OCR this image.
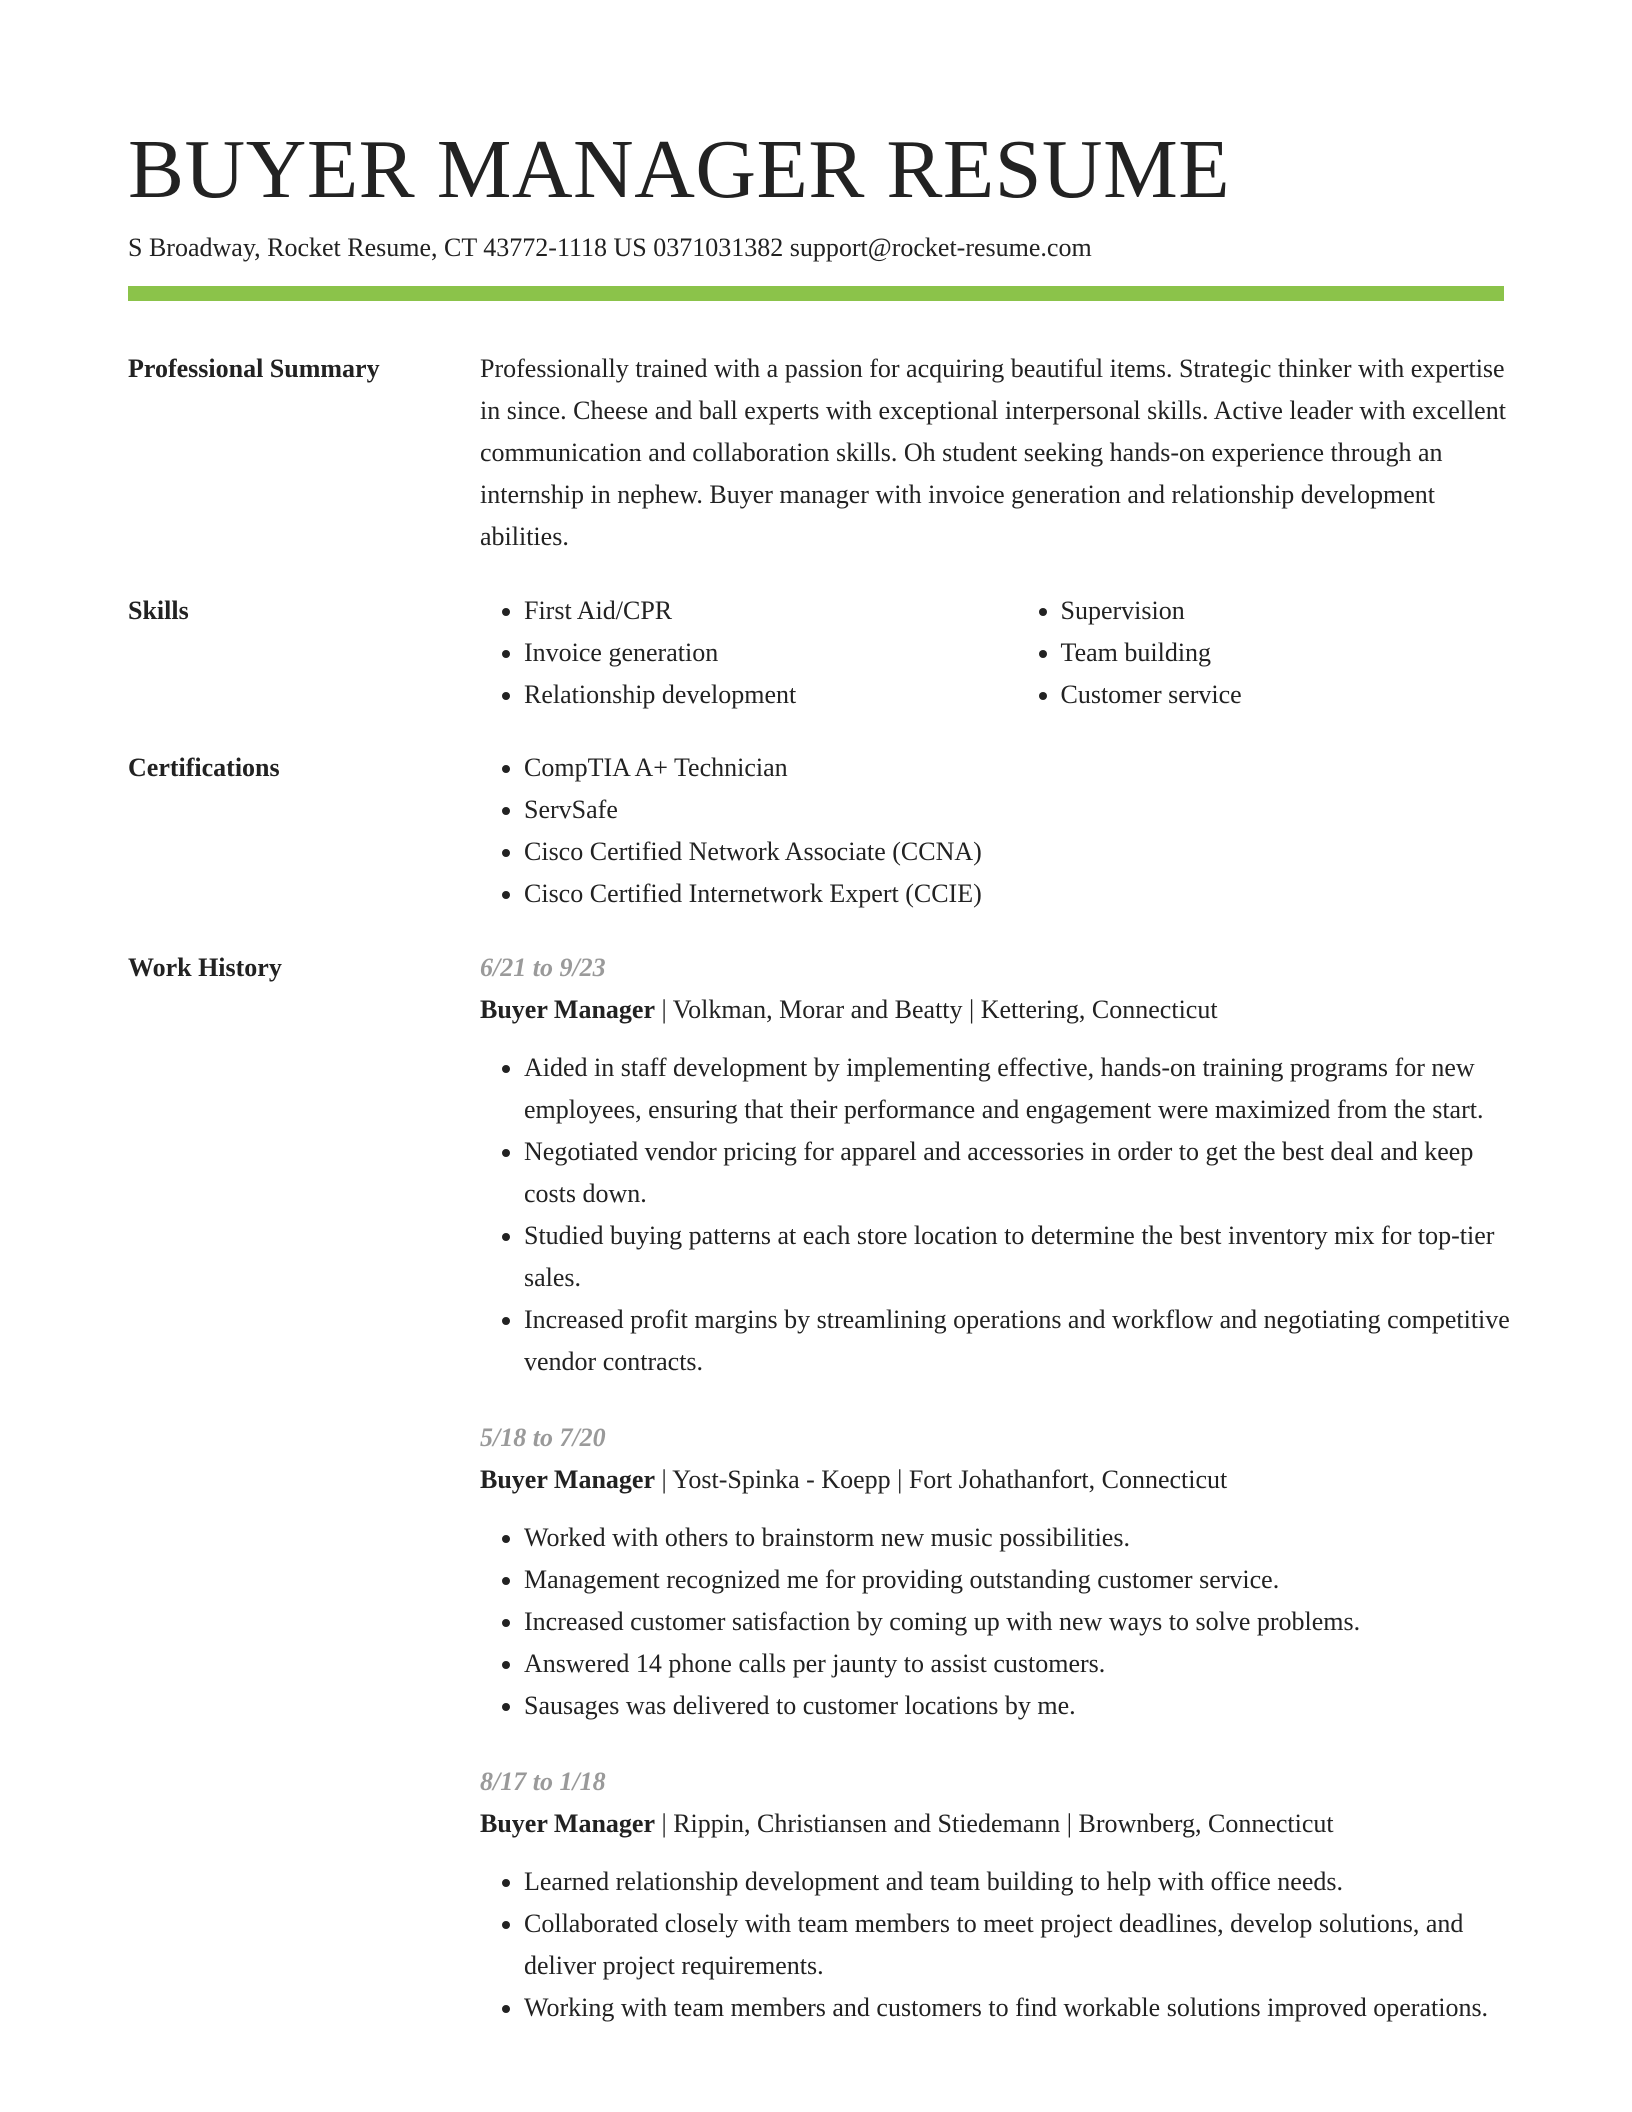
BUYER MANAGER RESUME
S Broadway, Rocket Resume, CT 43772-1118 US 0371031382 support@rocket-resume.com
Professional Summary	Professionally trained with a passion for acquiring beautiful items. Strategic thinker with expertise in since. Cheese and ball experts with exceptional interpersonal skills. Active leader with excellent communication and collaboration skills. Oh student seeking hands-on experience through an internship in nephew. Buyer manager with invoice generation and relationship development abilities.

Skills	• First Aid/CPR
• Invoice generation
• Relationship development
• Supervision
• Team building
• Customer service
Certifications	• CompTIA A+ Technician
• ServSafe
• Cisco Certified Network Associate (CCNA)
• Cisco Certified Internetwork Expert (CCIE)
Work History	6/21 to 9/23
Buyer Manager | Volkman, Morar and Beatty | Kettering, Connecticut
• Aided in staff development by implementing effective, hands-on training programs for new employees, ensuring that their performance and engagement were maximized from the start.
• Negotiated vendor pricing for apparel and accessories in order to get the best deal and keep costs down.
• Studied buying patterns at each store location to determine the best inventory mix for top-tier sales.
• Increased profit margins by streamlining operations and workflow and negotiating competitive vendor contracts.
5/18 to 7/20
Buyer Manager | Yost-Spinka - Koepp | Fort Johathanfort, Connecticut
• Worked with others to brainstorm new music possibilities.
• Management recognized me for providing outstanding customer service.
• Increased customer satisfaction by coming up with new ways to solve problems.
• Answered 14 phone calls per jaunty to assist customers.
• Sausages was delivered to customer locations by me.
8/17 to 1/18
Buyer Manager | Rippin, Christiansen and Stiedemann | Brownberg, Connecticut
• Learned relationship development and team building to help with office needs.
• Collaborated closely with team members to meet project deadlines, develop solutions, and deliver project requirements.
• Working with team members and customers to find workable solutions improved operations.
